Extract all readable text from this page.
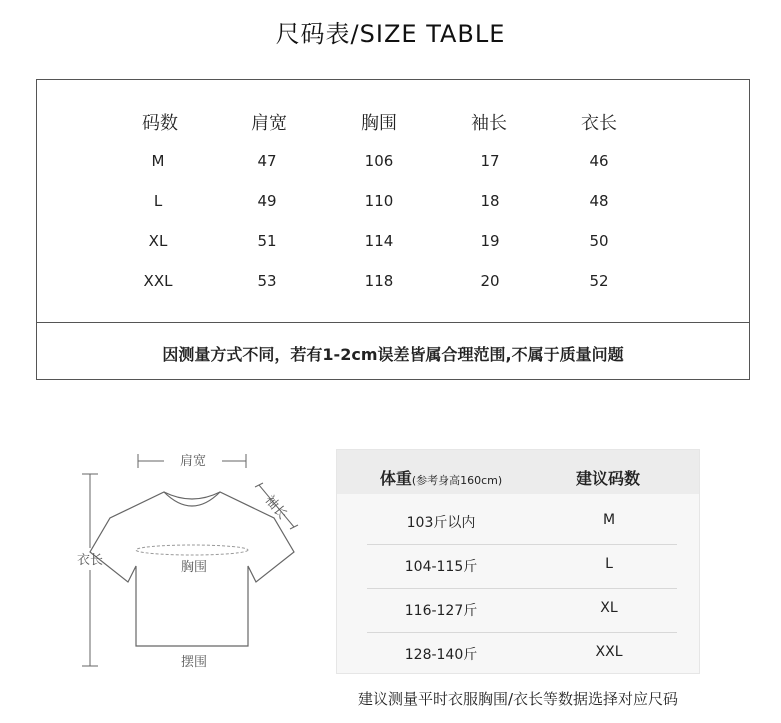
尺码表/SIZE TABLE
码数	肩宽	胸围	袖长	衣长
M	47	106	17	46
L	49	110	18	48
XL	51	114	19	50
XXL	53	118	20	52
因测量方式不同，若有1-2cm误差皆属合理范围,不属于质量问题
肩宽
袖长
衣长	胸围
摆围
体重(参考身高160cm)	建议码数
103斤以内	M
104-115斤	L
116-127斤	XL
128-140斤	XXL
建议测量平时衣服胸围/衣长等数据选择对应尺码
